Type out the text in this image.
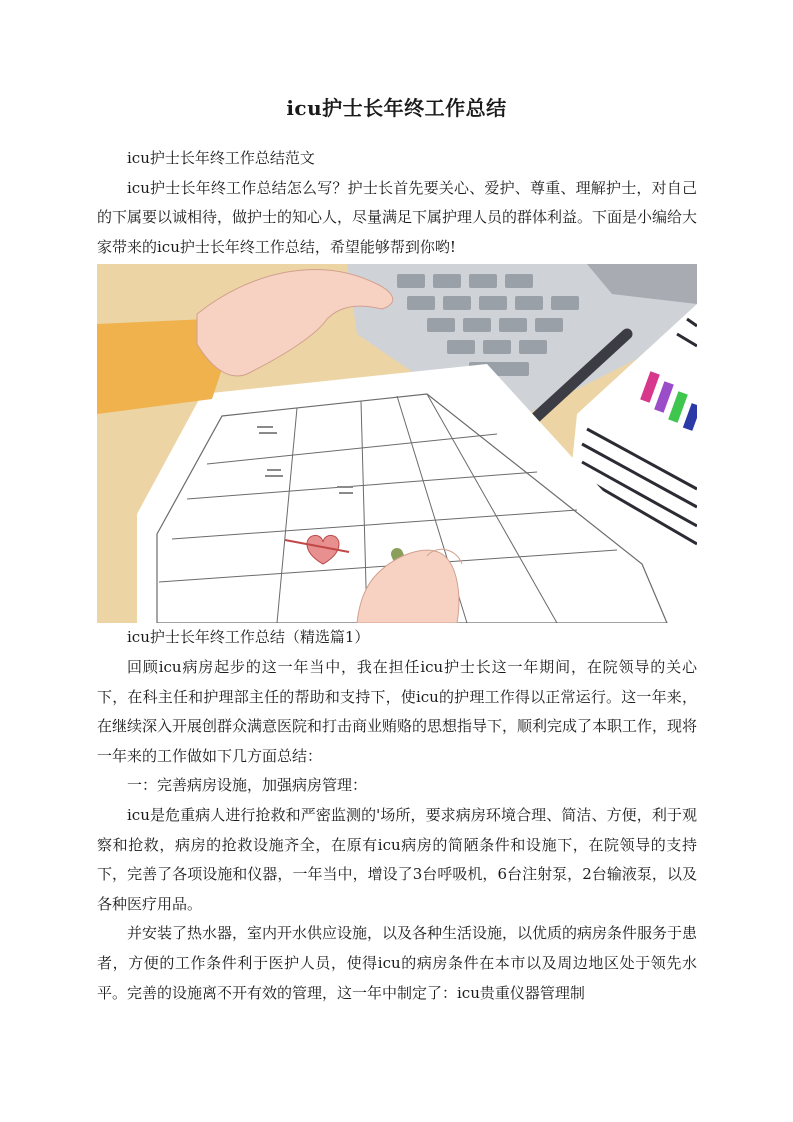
icu护士长年终工作总结

icu护士长年终工作总结范文

icu护士长年终工作总结怎么写？护士长首先要关心、爱护、尊重、理解护士，对自己的下属要以诚相待，做护士的知心人，尽量满足下属护理人员的群体利益。下面是小编给大家带来的icu护士长年终工作总结，希望能够帮到你哟!

icu护士长年终工作总结（精选篇1）

回顾icu病房起步的这一年当中，我在担任icu护士长这一年期间，在院领导的关心下，在科主任和护理部主任的帮助和支持下，使icu的护理工作得以正常运行。这一年来，在继续深入开展创群众满意医院和打击商业贿赂的思想指导下，顺利完成了本职工作，现将一年来的工作做如下几方面总结：

一：完善病房设施，加强病房管理：

icu是危重病人进行抢救和严密监测的'场所，要求病房环境合理、简洁、方便，利于观察和抢救，病房的抢救设施齐全，在原有icu病房的简陋条件和设施下，在院领导的支持下，完善了各项设施和仪器，一年当中，增设了3台呼吸机，6台注射泵，2台输液泵，以及各种医疗用品。

并安装了热水器，室内开水供应设施，以及各种生活设施，以优质的病房条件服务于患者，方便的工作条件利于医护人员，使得icu的病房条件在本市以及周边地区处于领先水平。完善的设施离不开有效的管理，这一年中制定了：icu贵重仪器管理制
